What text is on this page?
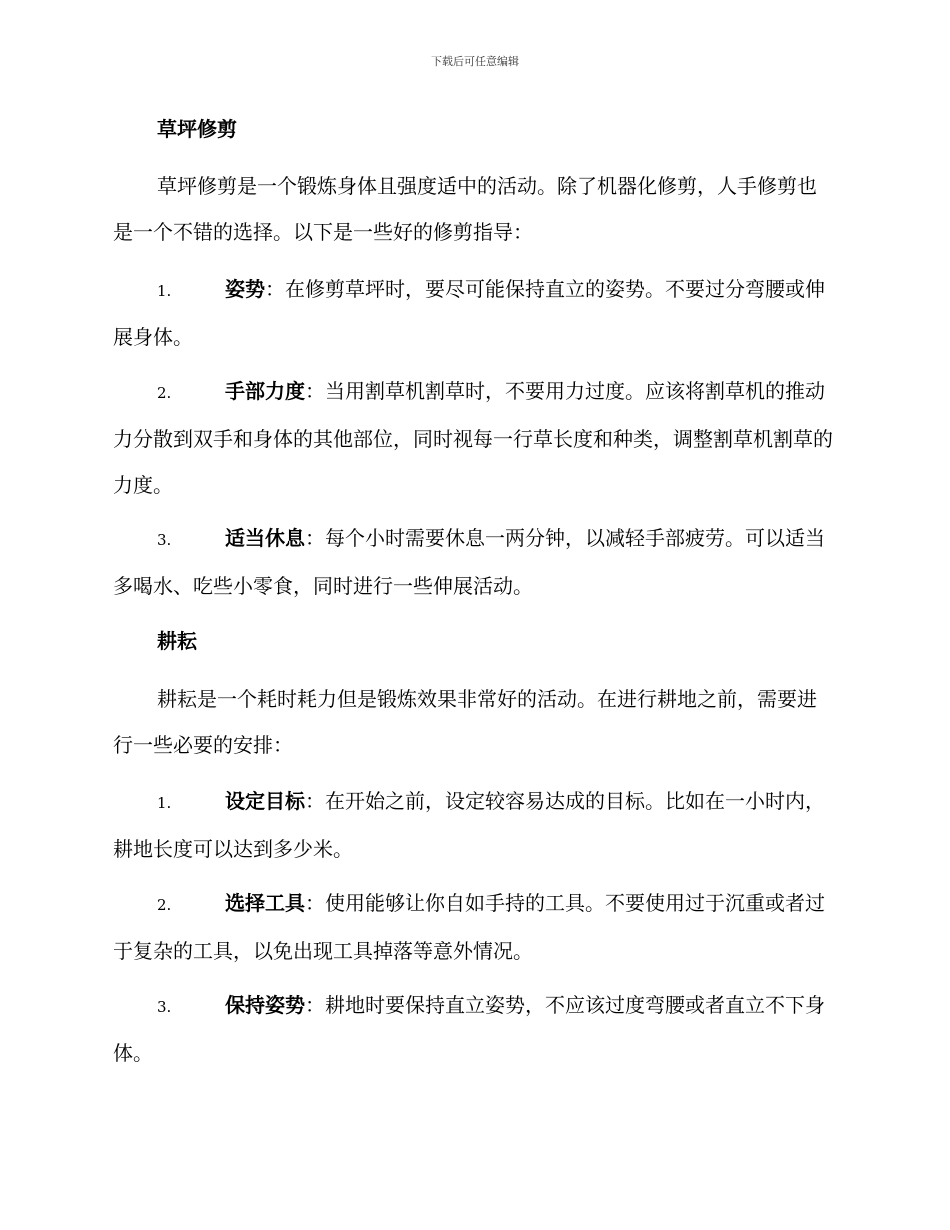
下载后可任意编辑
草坪修剪
草坪修剪是一个锻炼身体且强度适中的活动。除了机器化修剪，人手修剪也是一个不错的选择。以下是一些好的修剪指导：
1.	姿势：在修剪草坪时，要尽可能保持直立的姿势。不要过分弯腰或伸展身体。
2.	手部力度：当用割草机割草时，不要用力过度。应该将割草机的推动力分散到双手和身体的其他部位，同时视每一行草长度和种类，调整割草机割草的力度。
3.	适当休息：每个小时需要休息一两分钟，以减轻手部疲劳。可以适当多喝水、吃些小零食，同时进行一些伸展活动。
耕耘
耕耘是一个耗时耗力但是锻炼效果非常好的活动。在进行耕地之前，需要进行一些必要的安排：
1.	设定目标：在开始之前，设定较容易达成的目标。比如在一小时内，耕地长度可以达到多少米。
2.	选择工具：使用能够让你自如手持的工具。不要使用过于沉重或者过于复杂的工具，以免出现工具掉落等意外情况。
3.	保持姿势：耕地时要保持直立姿势，不应该过度弯腰或者直立不下身体。
